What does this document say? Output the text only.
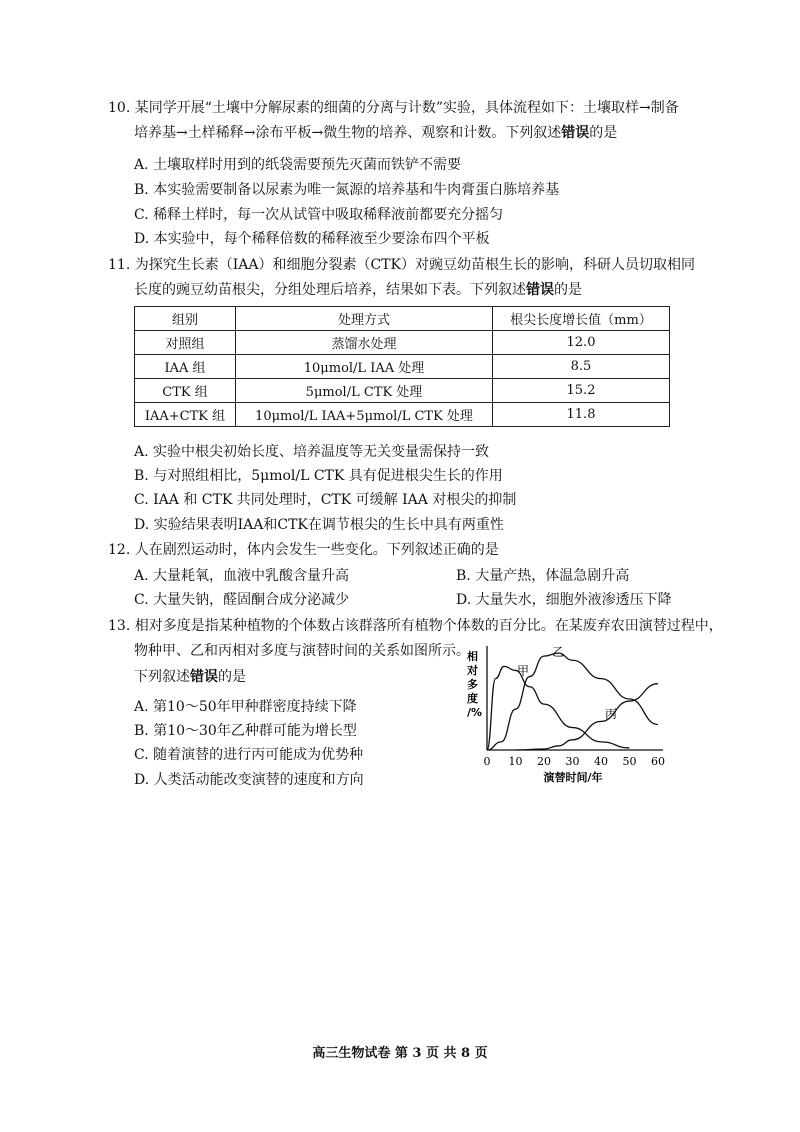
10. 某同学开展“土壤中分解尿素的细菌的分离与计数”实验，具体流程如下：土壤取样→制备
培养基→土样稀释→涂布平板→微生物的培养、观察和计数。下列叙述错误的是
A. 土壤取样时用到的纸袋需要预先灭菌而铁铲不需要
B. 本实验需要制备以尿素为唯一氮源的培养基和牛肉膏蛋白胨培养基
C. 稀释土样时，每一次从试管中吸取稀释液前都要充分摇匀
D. 本实验中，每个稀释倍数的稀释液至少要涂布四个平板
11. 为探究生长素（IAA）和细胞分裂素（CTK）对豌豆幼苗根生长的影响，科研人员切取相同
长度的豌豆幼苗根尖，分组处理后培养，结果如下表。下列叙述错误的是
组别	处理方式	根尖长度增长值（mm）
对照组	蒸馏水处理	12.0
IAA 组	10μmol/L IAA 处理	8.5
CTK 组	5μmol/L CTK 处理	15.2
IAA+CTK 组	10μmol/L IAA+5μmol/L CTK 处理	11.8
A. 实验中根尖初始长度、培养温度等无关变量需保持一致
B. 与对照组相比，5μmol/L CTK 具有促进根尖生长的作用
C. IAA 和 CTK 共同处理时，CTK 可缓解 IAA 对根尖的抑制
D. 实验结果表明IAA和CTK在调节根尖的生长中具有两重性
12. 人在剧烈运动时，体内会发生一些变化。下列叙述正确的是
A. 大量耗氧，血液中乳酸含量升高	B. 大量产热，体温急剧升高
C. 大量失钠，醛固酮合成分泌减少	D. 大量失水，细胞外液渗透压下降
13. 相对多度是指某种植物的个体数占该群落所有植物个体数的百分比。在某废弃农田演替过程中，
物种甲、乙和丙相对多度与演替时间的关系如图所示。
下列叙述错误的是
A. 第10～50年甲种群密度持续下降
B. 第10～30年乙种群可能为增长型
C. 随着演替的进行丙可能成为优势种
D. 人类活动能改变演替的速度和方向
相
对
多
度
/%
0 10 20 30 40 50 60
甲
乙
丙
演替时间/年
高三生物试卷 第 3 页 共 8 页
